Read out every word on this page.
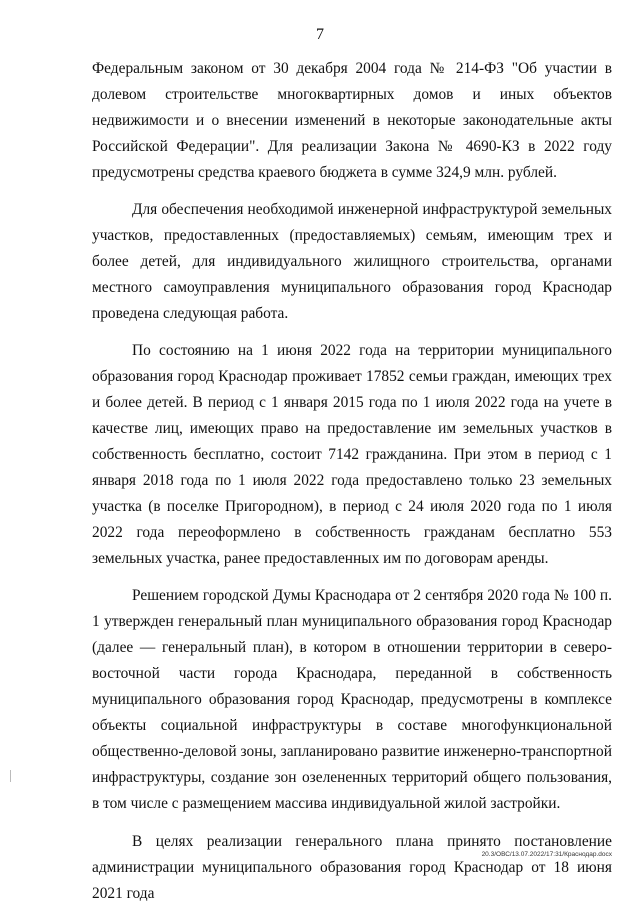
7

Федеральным законом от 30 декабря 2004 года № 214-ФЗ "Об участии в долевом строительстве многоквартирных домов и иных объектов недвижимости и о внесении изменений в некоторые законодательные акты Российской Федерации". Для реализации Закона № 4690-КЗ в 2022 году предусмотрены средства краевого бюджета в сумме 324,9 млн. рублей.

Для обеспечения необходимой инженерной инфраструктурой земельных участков, предоставленных (предоставляемых) семьям, имеющим трех и более детей, для индивидуального жилищного строительства, органами местного самоуправления муниципального образования город Краснодар проведена следующая работа.

По состоянию на 1 июня 2022 года на территории муниципального образования город Краснодар проживает 17852 семьи граждан, имеющих трех и более детей. В период с 1 января 2015 года по 1 июля 2022 года на учете в качестве лиц, имеющих право на предоставление им земельных участков в собственность бесплатно, состоит 7142 гражданина. При этом в период с 1 января 2018 года по 1 июля 2022 года предоставлено только 23 земельных участка (в поселке Пригородном), в период с 24 июля 2020 года по 1 июля 2022 года переоформлено в собственность гражданам бесплатно 553 земельных участка, ранее предоставленных им по договорам аренды.

Решением городской Думы Краснодара от 2 сентября 2020 года № 100 п. 1 утвержден генеральный план муниципального образования город Краснодар (далее — генеральный план), в котором в отношении территории в северо-восточной части города Краснодара, переданной в собственность муниципального образования город Краснодар, предусмотрены в комплексе объекты социальной инфраструктуры в составе многофункциональной общественно-деловой зоны, запланировано развитие инженерно-транспортной инфраструктуры, создание зон озелененных территорий общего пользования, в том числе с размещением массива индивидуальной жилой застройки.

В целях реализации генерального плана принято постановление администрации муниципального образования город Краснодар от 18 июня 2021 года

20.3/ОВС/13.07.2022/17:31/Краснодар.docx
